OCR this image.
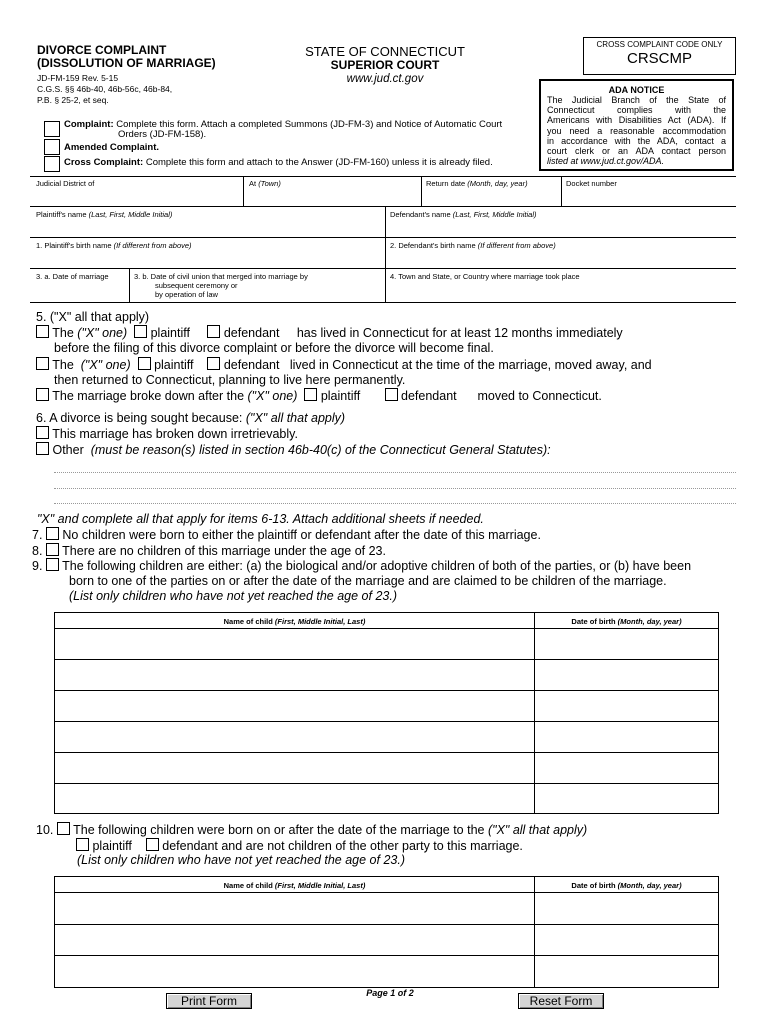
DIVORCE COMPLAINT
(DISSOLUTION OF MARRIAGE)
JD-FM-159 Rev. 5-15
C.G.S. §§ 46b-40, 46b-56c, 46b-84,
P.B. § 25-2, et seq.
STATE OF CONNECTICUT
SUPERIOR COURT
www.jud.ct.gov
CROSS COMPLAINT CODE ONLY
CRSCMP
ADA NOTICE
The Judicial Branch of the State of
Connecticut complies with the
Americans with Disabilities Act (ADA). If
you need a reasonable accommodation
in accordance with the ADA, contact a
court clerk or an ADA contact person
listed at www.jud.ct.gov/ADA.
Complaint: Complete this form. Attach a completed Summons (JD-FM-3) and Notice of Automatic Court
Orders (JD-FM-158).
Amended Complaint.
Cross Complaint: Complete this form and attach to the Answer (JD-FM-160) unless it is already filed.
Judicial District of	At (Town)	Return date (Month, day, year)	Docket number
Plaintiff's name (Last, First, Middle Initial)	Defendant's name (Last, First, Middle Initial)
1. Plaintiff's birth name (If different from above)	2. Defendant's birth name (If different from above)
3. a. Date of marriage	3. b. Date of civil union that merged into marriage by
subsequent ceremony or
by operation of law
4. Town and State, or Country where marriage took place
5. ("X" all that apply)
The ("X" one) plaintiff	defendant has lived in Connecticut for at least 12 months immediately
before the filing of this divorce complaint or before the divorce will become final.
The ("X" one) plaintiff defendant lived in Connecticut at the time of the marriage, moved away, and
then returned to Connecticut, planning to live here permanently.
The marriage broke down after the ("X" one) plaintiff	defendant moved to Connecticut.
6. A divorce is being sought because: ("X" all that apply)
This marriage has broken down irretrievably.
Other (must be reason(s) listed in section 46b-40(c) of the Connecticut General Statutes):
"X" and complete all that apply for items 6-13. Attach additional sheets if needed.
7. No children were born to either the plaintiff or defendant after the date of this marriage.
8. There are no children of this marriage under the age of 23.
9. The following children are either: (a) the biological and/or adoptive children of both of the parties, or (b) have been
born to one of the parties on or after the date of the marriage and are claimed to be children of the marriage.
(List only children who have not yet reached the age of 23.)
Name of child (First, Middle Initial, Last)	Date of birth (Month, day, year)
10. The following children were born on or after the date of the marriage to the ("X" all that apply)
plaintiff defendant and are not children of the other party to this marriage.
(List only children who have not yet reached the age of 23.)
Name of child (First, Middle Initial, Last)	Date of birth (Month, day, year)
Print Form
Page 1 of 2
Reset Form
